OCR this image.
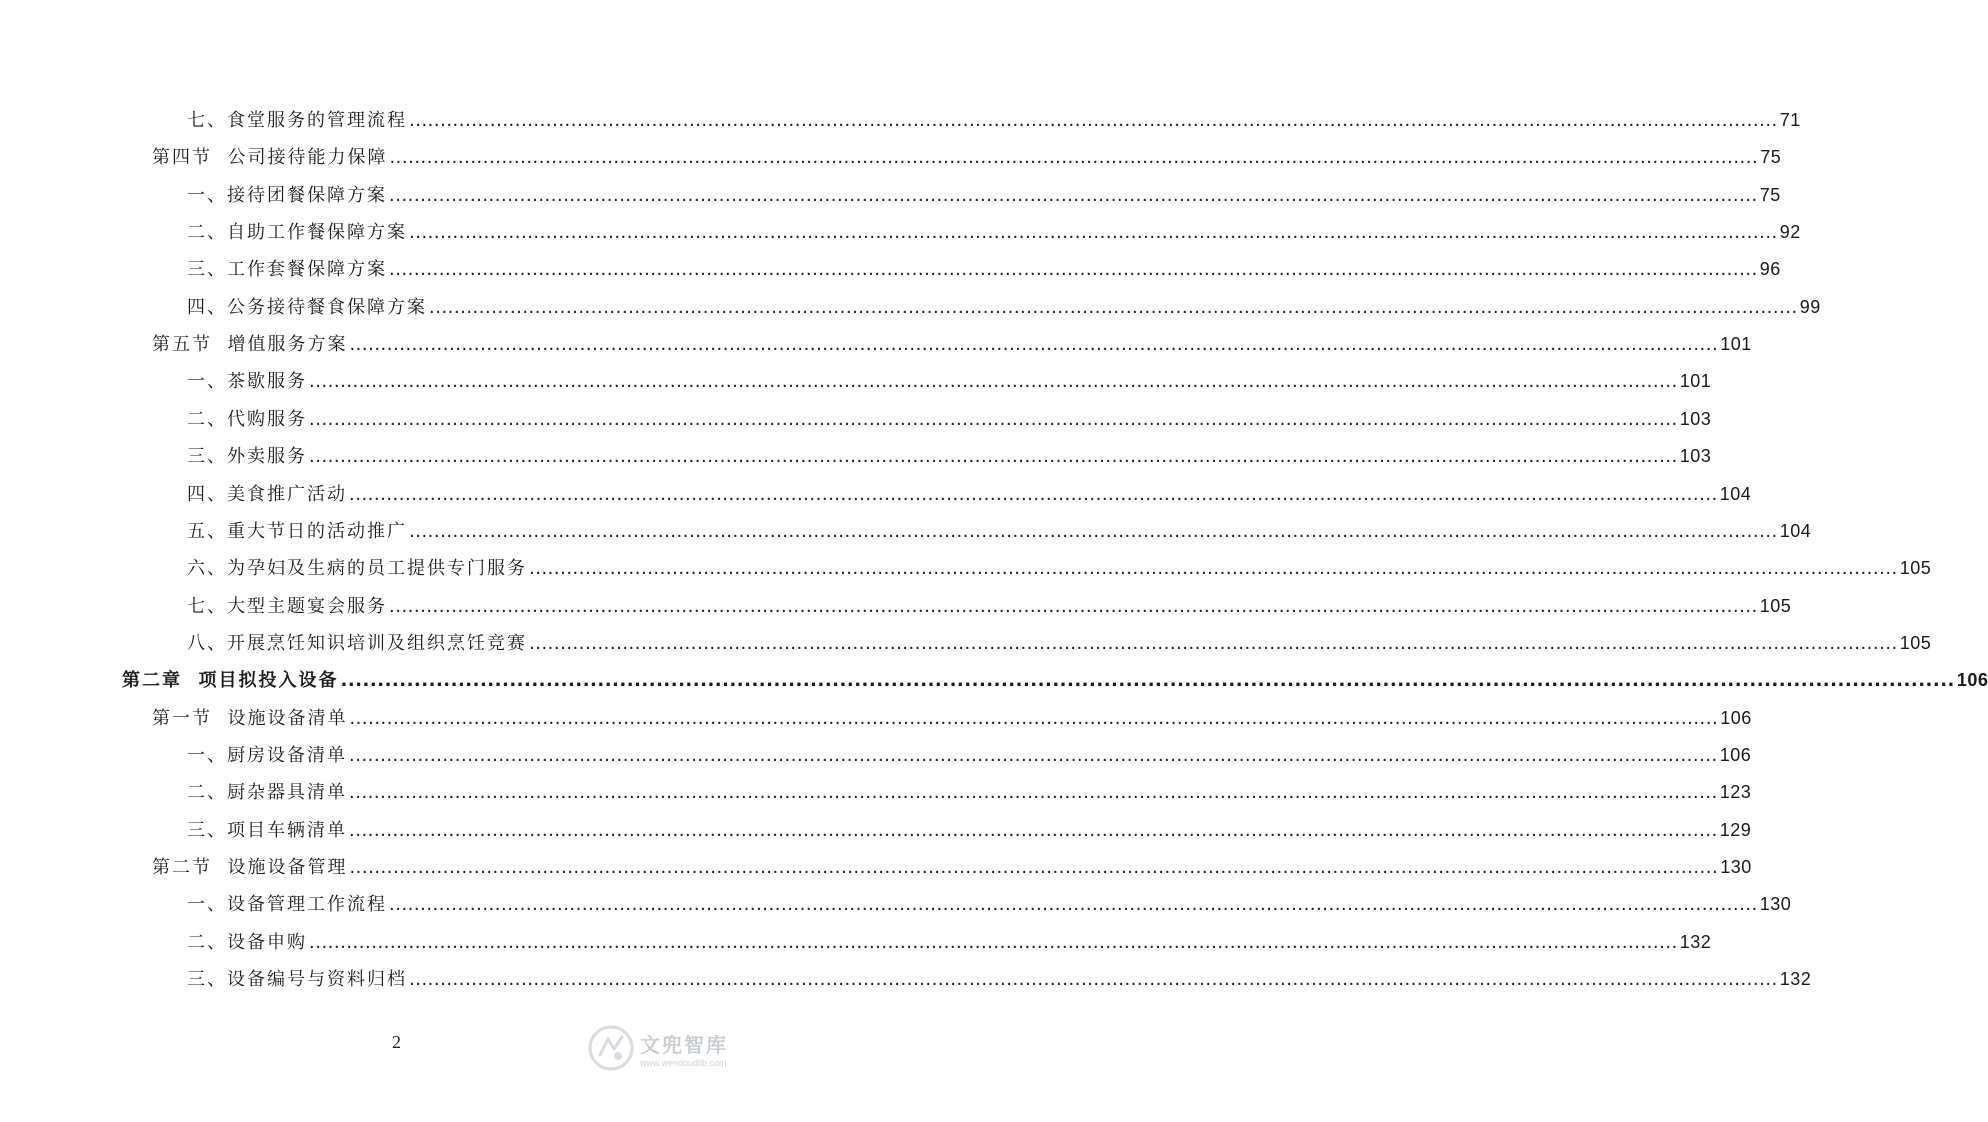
七、食堂服务的管理流程 ............................................................................................................................................................................................................................ 71
第四节  公司接待能力保障 ............................................................................................................................................................................................................................ 75
一、接待团餐保障方案 ............................................................................................................................................................................................................................ 75
二、自助工作餐保障方案 ............................................................................................................................................................................................................................ 92
三、工作套餐保障方案 ............................................................................................................................................................................................................................ 96
四、公务接待餐食保障方案 ............................................................................................................................................................................................................................ 99
第五节  增值服务方案 ............................................................................................................................................................................................................................ 101
一、茶歇服务 ............................................................................................................................................................................................................................ 101
二、代购服务 ............................................................................................................................................................................................................................ 103
三、外卖服务 ............................................................................................................................................................................................................................ 103
四、美食推广活动 ............................................................................................................................................................................................................................ 104
五、重大节日的活动推广 ............................................................................................................................................................................................................................ 104
六、为孕妇及生病的员工提供专门服务 ............................................................................................................................................................................................................................ 105
七、大型主题宴会服务 ............................................................................................................................................................................................................................ 105
八、开展烹饪知识培训及组织烹饪竞赛 ............................................................................................................................................................................................................................ 105
第二章  项目拟投入设备 ............................................................................................................................................................................................................................ 106
第一节  设施设备清单 ............................................................................................................................................................................................................................ 106
一、厨房设备清单 ............................................................................................................................................................................................................................ 106
二、厨杂器具清单 ............................................................................................................................................................................................................................ 123
三、项目车辆清单 ............................................................................................................................................................................................................................ 129
第二节  设施设备管理 ............................................................................................................................................................................................................................ 130
一、设备管理工作流程 ............................................................................................................................................................................................................................ 130
二、设备申购 ............................................................................................................................................................................................................................ 132
三、设备编号与资料归档 ............................................................................................................................................................................................................................ 132
2	文兜智库
www.wendoudlib.com
